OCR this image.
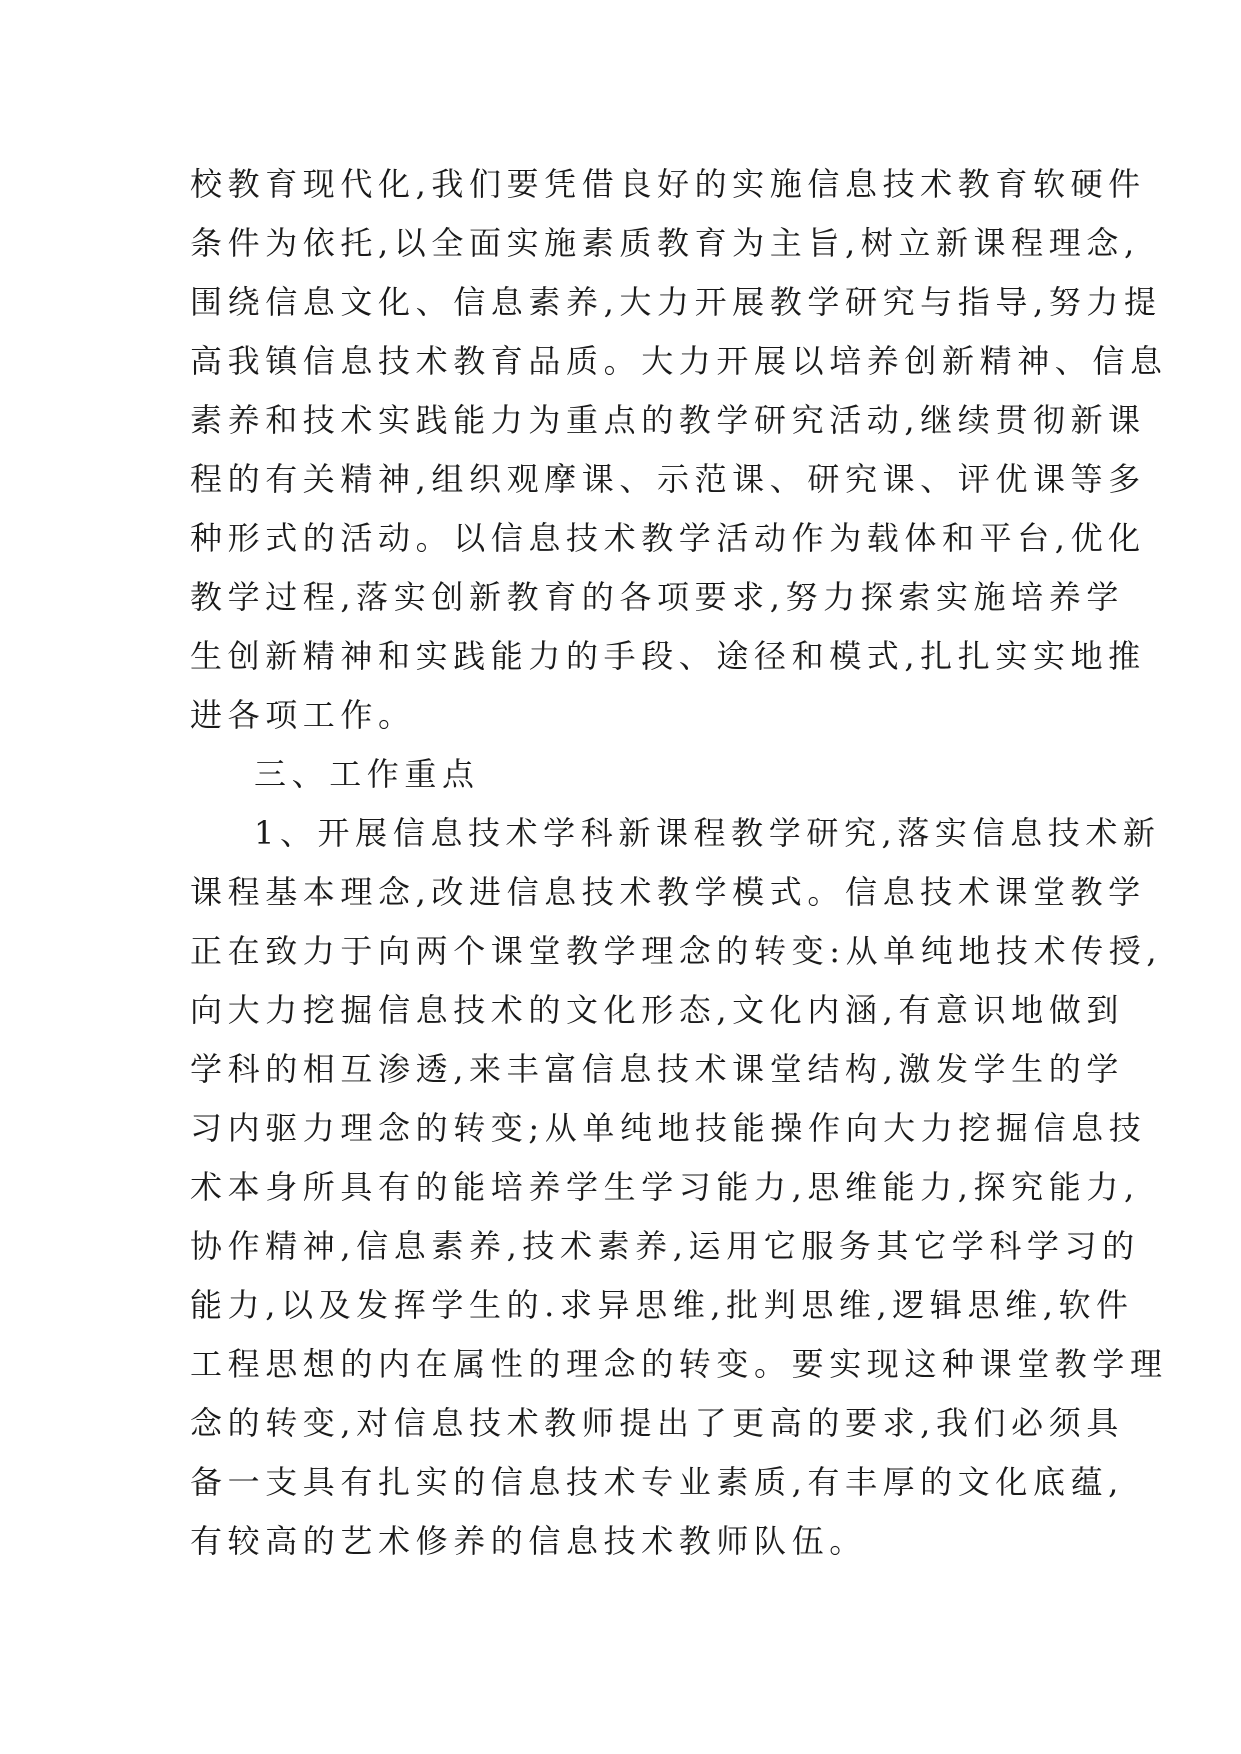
校教育现代化,我们要凭借良好的实施信息技术教育软硬件
条件为依托,以全面实施素质教育为主旨,树立新课程理念,
围绕信息文化、信息素养,大力开展教学研究与指导,努力提
高我镇信息技术教育品质。大力开展以培养创新精神、信息
素养和技术实践能力为重点的教学研究活动,继续贯彻新课
程的有关精神,组织观摩课、示范课、研究课、评优课等多
种形式的活动。以信息技术教学活动作为载体和平台,优化
教学过程,落实创新教育的各项要求,努力探索实施培养学
生创新精神和实践能力的手段、途径和模式,扎扎实实地推
进各项工作。
三、工作重点
1、开展信息技术学科新课程教学研究,落实信息技术新
课程基本理念,改进信息技术教学模式。信息技术课堂教学
正在致力于向两个课堂教学理念的转变:从单纯地技术传授,
向大力挖掘信息技术的文化形态,文化内涵,有意识地做到
学科的相互渗透,来丰富信息技术课堂结构,激发学生的学
习内驱力理念的转变;从单纯地技能操作向大力挖掘信息技
术本身所具有的能培养学生学习能力,思维能力,探究能力,
协作精神,信息素养,技术素养,运用它服务其它学科学习的
能力,以及发挥学生的.求异思维,批判思维,逻辑思维,软件
工程思想的内在属性的理念的转变。要实现这种课堂教学理
念的转变,对信息技术教师提出了更高的要求,我们必须具
备一支具有扎实的信息技术专业素质,有丰厚的文化底蕴,
有较高的艺术修养的信息技术教师队伍。
